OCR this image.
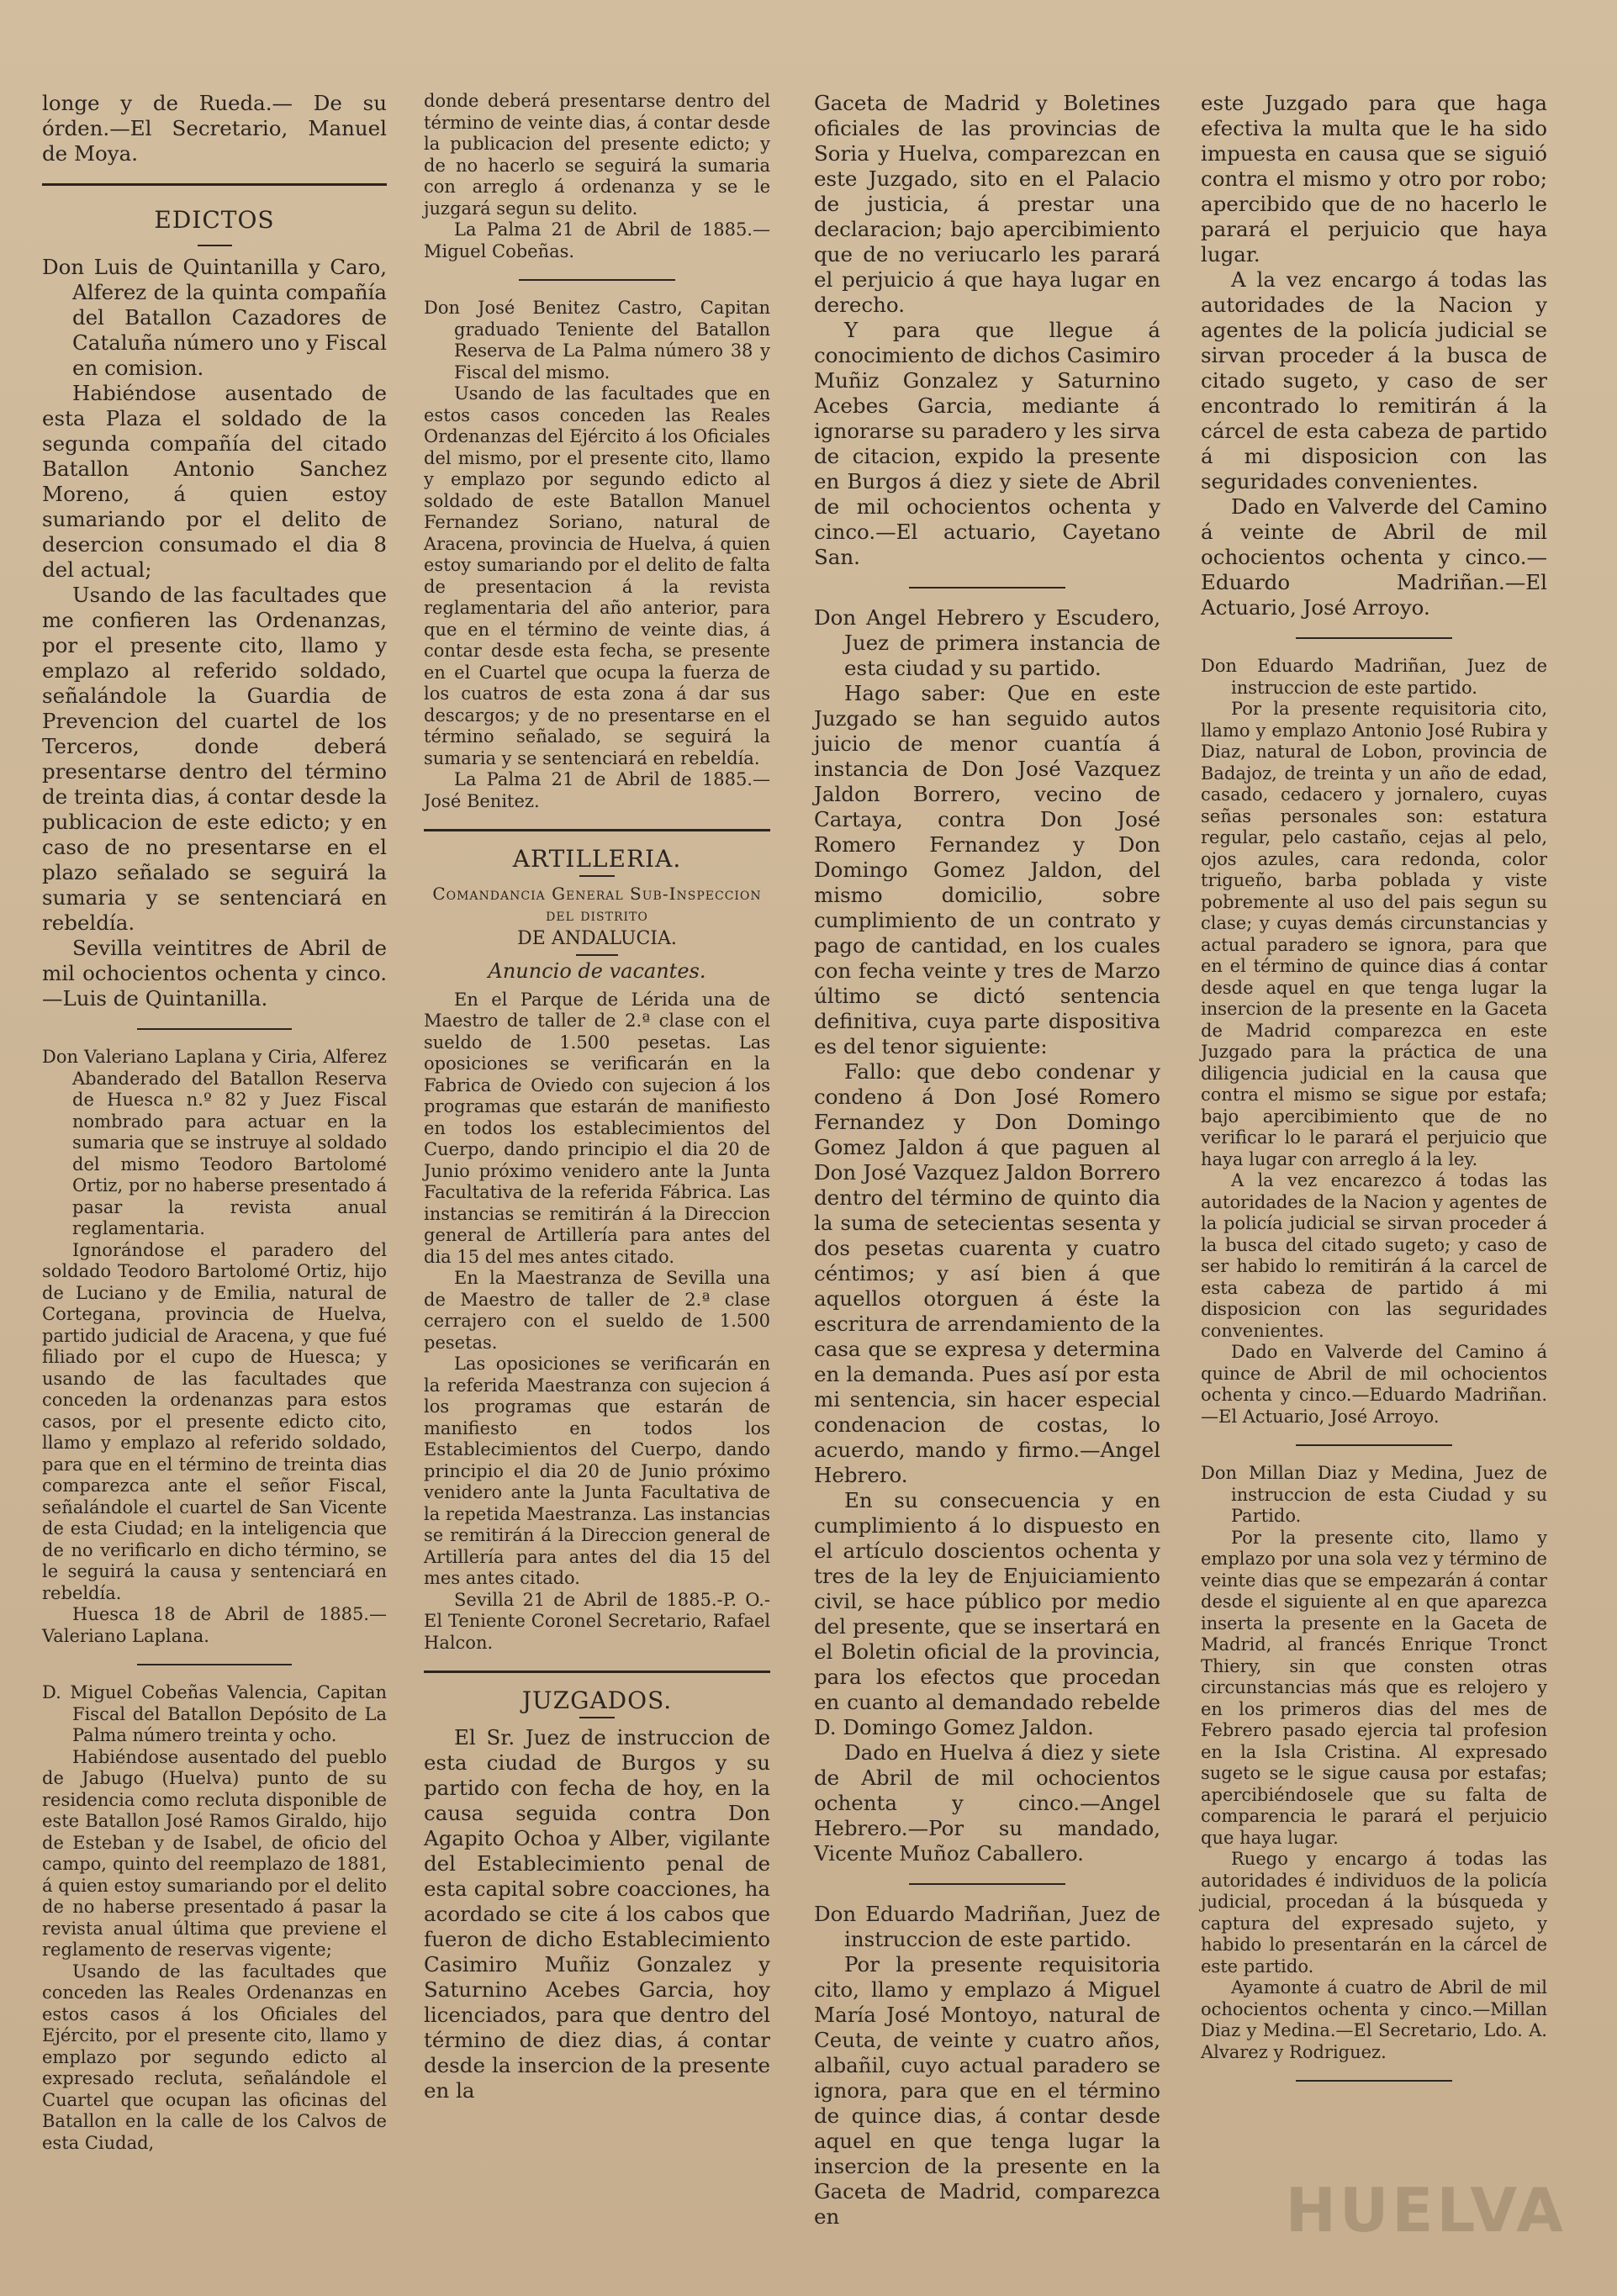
longe y de Rueda.— De su órden.—El Secretario, Manuel de Moya.

EDICTOS

Don Luis de Quintanilla y Caro, Alferez de la quinta compañía del Batallon Cazadores de Cataluña número uno y Fiscal en comision.

Habiéndose ausentado de esta Plaza el soldado de la segunda compañía del citado Batallon Antonio Sanchez Moreno, á quien estoy sumariando por el delito de desercion consumado el dia 8 del actual;

Usando de las facultades que me confieren las Ordenanzas, por el presente cito, llamo y emplazo al referido soldado, señalándole la Guardia de Prevencion del cuartel de los Terceros, donde deberá presentarse dentro del término de treinta dias, á contar desde la publicacion de este edicto; y en caso de no presentarse en el plazo señalado se seguirá la sumaria y se sentenciará en rebeldía.

Sevilla veintitres de Abril de mil ochocientos ochenta y cinco.—Luis de Quintanilla.

Don Valeriano Laplana y Ciria, Alferez Abanderado del Batallon Reserva de Huesca n.º 82 y Juez Fiscal nombrado para actuar en la sumaria que se instruye al soldado del mismo Teodoro Bartolomé Ortiz, por no haberse presentado á pasar la revista anual reglamentaria.

Ignorándose el paradero del soldado Teodoro Bartolomé Ortiz, hijo de Luciano y de Emilia, natural de Cortegana, provincia de Huelva, partido judicial de Aracena, y que fué filiado por el cupo de Huesca; y usando de las facultades que conceden la ordenanzas para estos casos, por el presente edicto cito, llamo y emplazo al referido soldado, para que en el término de treinta dias comparezca ante el señor Fiscal, señalándole el cuartel de San Vicente de esta Ciudad; en la inteligencia que de no verificarlo en dicho término, se le seguirá la causa y sentenciará en rebeldía.

Huesca 18 de Abril de 1885.—Valeriano Laplana.

D. Miguel Cobeñas Valencia, Capitan Fiscal del Batallon Depósito de La Palma número treinta y ocho.

Habiéndose ausentado del pueblo de Jabugo (Huelva) punto de su residencia como recluta disponible de este Batallon José Ramos Giraldo, hijo de Esteban y de Isabel, de oficio del campo, quinto del reemplazo de 1881, á quien estoy sumariando por el delito de no haberse presentado á pasar la revista anual última que previene el reglamento de reservas vigente;

Usando de las facultades que conceden las Reales Ordenanzas en estos casos á los Oficiales del Ejército, por el presente cito, llamo y emplazo por segundo edicto al expresado recluta, señalándole el Cuartel que ocupan las oficinas del Batallon en la calle de los Calvos de esta Ciudad,

donde deberá presentarse dentro del término de veinte dias, á contar desde la publicacion del presente edicto; y de no hacerlo se seguirá la sumaria con arreglo á ordenanza y se le juzgará segun su delito.

La Palma 21 de Abril de 1885.—Miguel Cobeñas.

Don José Benitez Castro, Capitan graduado Teniente del Batallon Reserva de La Palma número 38 y Fiscal del mismo.

Usando de las facultades que en estos casos conceden las Reales Ordenanzas del Ejército á los Oficiales del mismo, por el presente cito, llamo y emplazo por segundo edicto al soldado de este Batallon Manuel Fernandez Soriano, natural de Aracena, provincia de Huelva, á quien estoy sumariando por el delito de falta de presentacion á la revista reglamentaria del año anterior, para que en el término de veinte dias, á contar desde esta fecha, se presente en el Cuartel que ocupa la fuerza de los cuatros de esta zona á dar sus descargos; y de no presentarse en el término señalado, se seguirá la sumaria y se sentenciará en rebeldía.

La Palma 21 de Abril de 1885.—José Benitez.

ARTILLERIA.
Comandancia General Sub-Inspeccion del distrito
DE ANDALUCIA.
Anuncio de vacantes.

En el Parque de Lérida una de Maestro de taller de 2.ª clase con el sueldo de 1.500 pesetas. Las oposiciones se verificarán en la Fabrica de Oviedo con sujecion á los programas que estarán de manifiesto en todos los establecimientos del Cuerpo, dando principio el dia 20 de Junio próximo venidero ante la Junta Facultativa de la referida Fábrica. Las instancias se remitirán á la Direccion general de Artillería para antes del dia 15 del mes antes citado.

En la Maestranza de Sevilla una de Maestro de taller de 2.ª clase cerrajero con el sueldo de 1.500 pesetas.

Las oposiciones se verificarán en la referida Maestranza con sujecion á los programas que estarán de manifiesto en todos los Establecimientos del Cuerpo, dando principio el dia 20 de Junio próximo venidero ante la Junta Facultativa de la repetida Maestranza. Las instancias se remitirán á la Direccion general de Artillería para antes del dia 15 del mes antes citado.

Sevilla 21 de Abril de 1885.-P. O.-El Teniente Coronel Secretario, Rafael Halcon.

JUZGADOS.

El Sr. Juez de instruccion de esta ciudad de Burgos y su partido con fecha de hoy, en la causa seguida contra Don Agapito Ochoa y Alber, vigilante del Establecimiento penal de esta capital sobre coacciones, ha acordado se cite á los cabos que fueron de dicho Establecimiento Casimiro Muñiz Gonzalez y Saturnino Acebes Garcia, hoy licenciados, para que dentro del término de diez dias, á contar desde la insercion de la presente en la

Gaceta de Madrid y Boletines oficiales de las provincias de Soria y Huelva, comparezcan en este Juzgado, sito en el Palacio de justicia, á prestar una declaracion; bajo apercibimiento que de no veriucarlo les parará el perjuicio á que haya lugar en derecho.

Y para que llegue á conocimiento de dichos Casimiro Muñiz Gonzalez y Saturnino Acebes Garcia, mediante á ignorarse su paradero y les sirva de citacion, expido la presente en Burgos á diez y siete de Abril de mil ochocientos ochenta y cinco.—El actuario, Cayetano San.

Don Angel Hebrero y Escudero, Juez de primera instancia de esta ciudad y su partido.

Hago saber: Que en este Juzgado se han seguido autos juicio de menor cuantía á instancia de Don José Vazquez Jaldon Borrero, vecino de Cartaya, contra Don José Romero Fernandez y Don Domingo Gomez Jaldon, del mismo domicilio, sobre cumplimiento de un contrato y pago de cantidad, en los cuales con fecha veinte y tres de Marzo último se dictó sentencia definitiva, cuya parte dispositiva es del tenor siguiente:

Fallo: que debo condenar y condeno á Don José Romero Fernandez y Don Domingo Gomez Jaldon á que paguen al Don José Vazquez Jaldon Borrero dentro del término de quinto dia la suma de setecientas sesenta y dos pesetas cuarenta y cuatro céntimos; y así bien á que aquellos otorguen á éste la escritura de arrendamiento de la casa que se expresa y determina en la demanda. Pues así por esta mi sentencia, sin hacer especial condenacion de costas, lo acuerdo, mando y firmo.—Angel Hebrero.

En su consecuencia y en cumplimiento á lo dispuesto en el artículo doscientos ochenta y tres de la ley de Enjuiciamiento civil, se hace público por medio del presente, que se insertará en el Boletin oficial de la provincia, para los efectos que procedan en cuanto al demandado rebelde D. Domingo Gomez Jaldon.

Dado en Huelva á diez y siete de Abril de mil ochocientos ochenta y cinco.—Angel Hebrero.—Por su mandado, Vicente Muñoz Caballero.

Don Eduardo Madriñan, Juez de instruccion de este partido.

Por la presente requisitoria cito, llamo y emplazo á Miguel María José Montoyo, natural de Ceuta, de veinte y cuatro años, albañil, cuyo actual paradero se ignora, para que en el término de quince dias, á contar desde aquel en que tenga lugar la insercion de la presente en la Gaceta de Madrid, comparezca en

este Juzgado para que haga efectiva la multa que le ha sido impuesta en causa que se siguió contra el mismo y otro por robo; apercibido que de no hacerlo le parará el perjuicio que haya lugar.

A la vez encargo á todas las autoridades de la Nacion y agentes de la policía judicial se sirvan proceder á la busca de citado sugeto, y caso de ser encontrado lo remitirán á la cárcel de esta cabeza de partido á mi disposicion con las seguridades convenientes.

Dado en Valverde del Camino á veinte de Abril de mil ochocientos ochenta y cinco.—Eduardo Madriñan.—El Actuario, José Arroyo.

Don Eduardo Madriñan, Juez de instruccion de este partido.

Por la presente requisitoria cito, llamo y emplazo Antonio José Rubira y Diaz, natural de Lobon, provincia de Badajoz, de treinta y un año de edad, casado, cedacero y jornalero, cuyas señas personales son: estatura regular, pelo castaño, cejas al pelo, ojos azules, cara redonda, color trigueño, barba poblada y viste pobremente al uso del pais segun su clase; y cuyas demás circunstancias y actual paradero se ignora, para que en el término de quince dias á contar desde aquel en que tenga lugar la insercion de la presente en la Gaceta de Madrid comparezca en este Juzgado para la práctica de una diligencia judicial en la causa que contra el mismo se sigue por estafa; bajo apercibimiento que de no verificar lo le parará el perjuicio que haya lugar con arreglo á la ley.

A la vez encarezco á todas las autoridades de la Nacion y agentes de la policía judicial se sirvan proceder á la busca del citado sugeto; y caso de ser habido lo remitirán á la carcel de esta cabeza de partido á mi disposicion con las seguridades convenientes.

Dado en Valverde del Camino á quince de Abril de mil ochocientos ochenta y cinco.—Eduardo Madriñan.—El Actuario, José Arroyo.

Don Millan Diaz y Medina, Juez de instruccion de esta Ciudad y su Partido.

Por la presente cito, llamo y emplazo por una sola vez y término de veinte dias que se empezarán á contar desde el siguiente al en que aparezca inserta la presente en la Gaceta de Madrid, al francés Enrique Tronct Thiery, sin que consten otras circunstancias más que es relojero y en los primeros dias del mes de Febrero pasado ejercia tal profesion en la Isla Cristina. Al expresado sugeto se le sigue causa por estafas; apercibiéndosele que su falta de comparencia le parará el perjuicio que haya lugar.

Ruego y encargo á todas las autoridades é individuos de la policía judicial, procedan á la búsqueda y captura del expresado sujeto, y habido lo presentarán en la cárcel de este partido.

Ayamonte á cuatro de Abril de mil ochocientos ochenta y cinco.—Millan Diaz y Medina.—El Secretario, Ldo. A. Alvarez y Rodriguez.

HUELVA
